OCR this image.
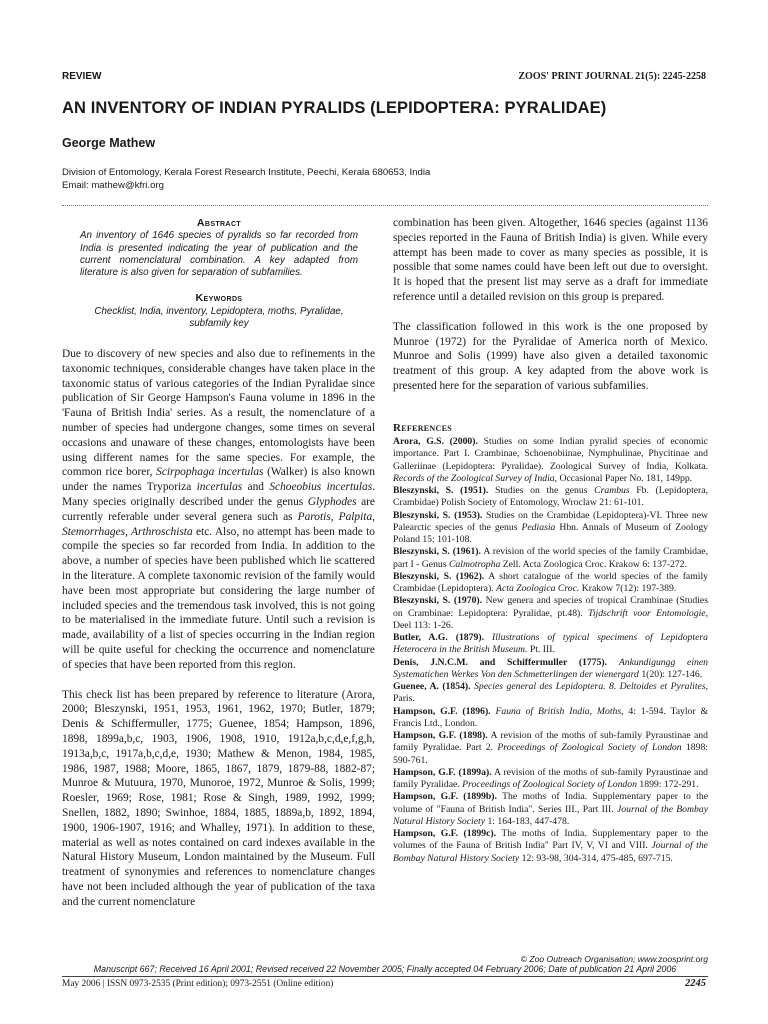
REVIEW	ZOOS' PRINT JOURNAL 21(5): 2245-2258
AN INVENTORY OF INDIAN PYRALIDS (LEPIDOPTERA: PYRALIDAE)
George Mathew
Division of Entomology, Kerala Forest Research Institute, Peechi, Kerala 680653, India
Email: mathew@kfri.org
Abstract
An inventory of 1646 species of pyralids so far recorded from India is presented indicating the year of publication and the current nomenclatural combination. A key adapted from literature is also given for separation of subfamilies.
Keywords
Checklist, India, inventory, Lepidoptera, moths, Pyralidae, subfamily key

Due to discovery of new species and also due to refinements in the taxonomic techniques, considerable changes have taken place in the taxonomic status of various categories of the Indian Pyralidae since publication of Sir George Hampson's Fauna volume in 1896 in the 'Fauna of British India' series. As a result, the nomenclature of a number of species had undergone changes, some times on several occasions and unaware of these changes, entomologists have been using different names for the same species. For example, the common rice borer, Scirpophaga incertulas (Walker) is also known under the names Tryporiza incertulas and Schoeobius incertulas. Many species originally described under the genus Glyphodes are currently referable under several genera such as Parotis, Palpita, Stemorrhages, Arthroschista etc. Also, no attempt has been made to compile the species so far recorded from India. In addition to the above, a number of species have been published which lie scattered in the literature. A complete taxonomic revision of the family would have been most appropriate but considering the large number of included species and the tremendous task involved, this is not going to be materialised in the immediate future. Until such a revision is made, availability of a list of species occurring in the Indian region will be quite useful for checking the occurrence and nomenclature of species that have been reported from this region.

This check list has been prepared by reference to literature (Arora, 2000; Bleszynski, 1951, 1953, 1961, 1962, 1970; Butler, 1879; Denis & Schiffermuller, 1775; Guenee, 1854; Hampson, 1896, 1898, 1899a,b,c, 1903, 1906, 1908, 1910, 1912a,b,c,d,e,f,g,h, 1913a,b,c, 1917a,b,c,d,e, 1930; Mathew & Menon, 1984, 1985, 1986, 1987, 1988; Moore, 1865, 1867, 1879, 1879-88, 1882-87; Munroe & Mutuura, 1970, Munoroe, 1972, Munroe & Solis, 1999; Roesler, 1969; Rose, 1981; Rose & Singh, 1989, 1992, 1999; Snellen, 1882, 1890; Swinhoe, 1884, 1885, 1889a,b, 1892, 1894, 1900, 1906-1907, 1916; and Whalley, 1971). In addition to these, material as well as notes contained on card indexes available in the Natural History Museum, London maintained by the Museum. Full treatment of synonymies and references to nomenclature changes have not been included although the year of publication of the taxa and the current nomenclature

combination has been given. Altogether, 1646 species (against 1136 species reported in the Fauna of British India) is given. While every attempt has been made to cover as many species as possible, it is possible that some names could have been left out due to oversight. It is hoped that the present list may serve as a draft for immediate reference until a detailed revision on this group is prepared.

The classification followed in this work is the one proposed by Munroe (1972) for the Pyralidae of America north of Mexico. Munroe and Solis (1999) have also given a detailed taxonomic treatment of this group. A key adapted from the above work is presented here for the separation of various subfamilies.

References
Arora, G.S. (2000). Studies on some Indian pyralid species of economic importance. Part I. Crambinae, Schoenobiinae, Nymphulinae, Phycitinae and Galleriinae (Lepidoptera: Pyralidae). Zoological Survey of India, Kolkata. Records of the Zoological Survey of India, Occasional Paper No. 181, 149pp.
Bleszynski, S. (1951). Studies on the genus Crambus Fb. (Lepidoptera, Crambidae) Polish Society of Entomology, Wroclaw 21: 61-101.
Bleszynski, S. (1953). Studies on the Crambidae (Lepidoptera)-VI. Three new Palearctic species of the genus Pediasia Hbn. Annals of Museum of Zoology Poland 15: 101-108.
Bleszynski, S. (1961). A revision of the world species of the family Crambidae, part I - Genus Calmotropha Zell. Acta Zoologica Croc. Krakow 6: 137-272.
Bleszynski, S. (1962). A short catalogue of the world species of the family Crambidae (Lepidoptera). Acta Zoologica Croc. Krakow 7(12): 197-389.
Bleszynski, S. (1970). New genera and species of tropical Crambinae (Studies on Crambinae: Lepidoptera: Pyralidae, pt.48). Tijdschrift voor Entomologie, Deel 113: 1-26.
Butler, A.G. (1879). Illustrations of typical specimens of Lepidoptera Heterocera in the British Museum. Pt. III.
Denis, J.N.C.M. and Schiffermuller (1775). Ankundigungg einen Systematichen Werkes Von den Schmetterlingen der wienergard 1(20): 127-146.
Guenee, A. (1854). Species general des Lepidoptera. 8. Deltoides et Pyralites, Paris.
Hampson, G.F. (1896). Fauna of British India, Moths, 4: 1-594. Taylor & Francis Ltd., London.
Hampson, G.F. (1898). A revision of the moths of sub-family Pyraustinae and family Pyralidae. Part 2. Proceedings of Zoological Society of London 1898: 590-761.
Hampson, G.F. (1899a). A revision of the moths of sub-family Pyraustinae and family Pyralidae. Proceedings of Zoological Society of London 1899: 172-291.
Hampson, G.F. (1899b). The moths of India. Supplementary paper to the volume of "Fauna of British India". Series III., Part III. Journal of the Bombay Natural History Society 1: 164-183, 447-478.
Hampson, G.F. (1899c). The moths of India. Supplementary paper to the volumes of the Fauna of British India" Part IV, V, VI and VIII. Journal of the Bombay Natural History Society 12: 93-98, 304-314, 475-485, 697-715.
© Zoo Outreach Organisation; www.zoosprint.org
Manuscript 667; Received 16 April 2001; Revised received 22 November 2005; Finally accepted 04 February 2006; Date of publication 21 April 2006
May 2006 | ISSN 0973-2535 (Print edition); 0973-2551 (Online edition)	2245
